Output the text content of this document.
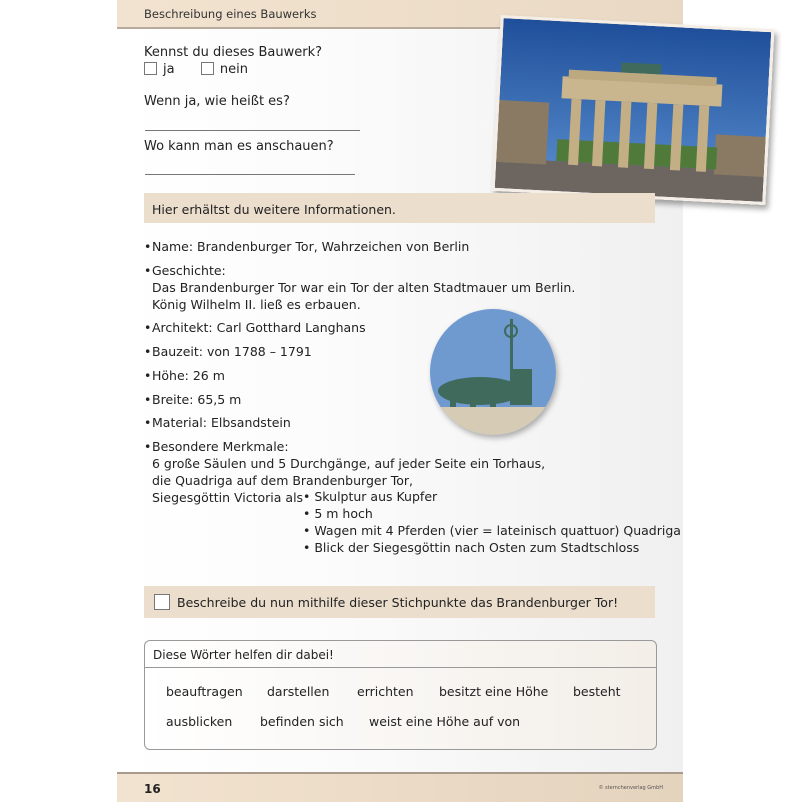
Beschreibung eines Bauwerks
Kennst du dieses Bauwerk?
ja	nein
Wenn ja, wie heißt es?
Wo kann man es anschauen?
Hier erhältst du weitere Informationen.
•Name: Brandenburger Tor, Wahrzeichen von Berlin
•Geschichte:
Das Brandenburger Tor war ein Tor der alten Stadtmauer um Berlin.
König Wilhelm II. ließ es erbauen.
•Architekt: Carl Gotthard Langhans
•Bauzeit: von 1788 – 1791
•Höhe: 26 m
•Breite: 65,5 m
•Material: Elbsandstein
•Besondere Merkmale:
6 große Säulen und 5 Durchgänge, auf jeder Seite ein Torhaus,
die Quadriga auf dem Brandenburger Tor,
Siegesgöttin Victoria als • Skulptur aus Kupfer
• 5 m hoch
• Wagen mit 4 Pferden (vier = lateinisch quattuor) Quadriga
• Blick der Siegesgöttin nach Osten zum Stadtschloss
Beschreibe du nun mithilfe dieser Stichpunkte das Brandenburger Tor!
Diese Wörter helfen dir dabei!
beauftragen darstellen errichten besitzt eine Höhe besteht
ausblicken befinden sich weist eine Höhe auf von
16	© sternchenverlag GmbH
